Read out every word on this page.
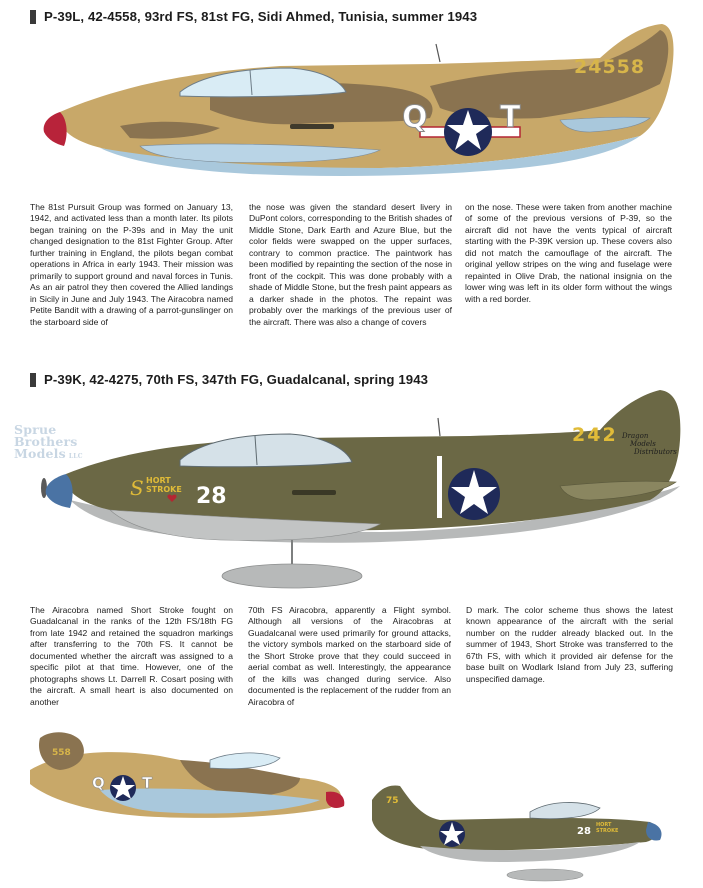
P-39L, 42-4558, 93rd FS, 81st FG, Sidi Ahmed, Tunisia, summer 1943
Q T
24558

The 81st Pursuit Group was formed on January 13, 1942, and activated less than a month later. Its pilots began training on the P-39s and in May the unit changed designation to the 81st Fighter Group. After further training in England, the pilots began combat operations in Africa in early 1943. Their mission was primarily to support ground and naval forces in Tunis. As an air patrol they then covered the Allied landings in Sicily in June and July 1943. The Airacobra named Petite Bandit with a drawing of a parrot-gunslinger on the starboard side of

the nose was given the standard desert livery in DuPont colors, corresponding to the British shades of Middle Stone, Dark Earth and Azure Blue, but the color fields were swapped on the upper surfaces, contrary to common practice. The paintwork has been modified by repainting the section of the nose in front of the cockpit. This was done probably with a shade of Middle Stone, but the fresh paint appears as a darker shade in the photos. The repaint was probably over the markings of the previous user of the aircraft. There was also a change of covers

on the nose. These were taken from another machine of some of the previous versions of P-39, so the aircraft did not have the vents typical of aircraft starting with the P-39K version up. These covers also did not match the camouflage of the aircraft. The original yellow stripes on the wing and fuselage were repainted in Olive Drab, the national insignia on the lower wing was left in its older form without the wings with a red border.

P-39K, 42-4275, 70th FS, 347th FG, Guadalcanal, spring 1943
28
242
S HORT
STROKE
Sprue
Brothers
Models LLC
Dragon
Models
Distributors

The Airacobra named Short Stroke fought on Guadalcanal in the ranks of the 12th FS/18th FG from late 1942 and retained the squadron markings after transferring to the 70th FS. It cannot be documented whether the aircraft was assigned to a specific pilot at that time. However, one of the photographs shows Lt. Darrell R. Cosart posing with the aircraft. A small heart is also documented on another

70th FS Airacobra, apparently a Flight symbol. Although all versions of the Airacobras at Guadalcanal were used primarily for ground attacks, the victory symbols marked on the starboard side of the Short Stroke prove that they could succeed in aerial combat as well. Interestingly, the appearance of the kills was changed during service. Also documented is the replacement of the rudder from an Airacobra of

D mark. The color scheme thus shows the latest known appearance of the aircraft with the serial number on the rudder already blacked out. In the summer of 1943, Short Stroke was transferred to the 67th FS, with which it provided air defense for the base built on Wodlark Island from July 23, suffering unspecified damage.

558
Q T
75
28
HORT STROKE
